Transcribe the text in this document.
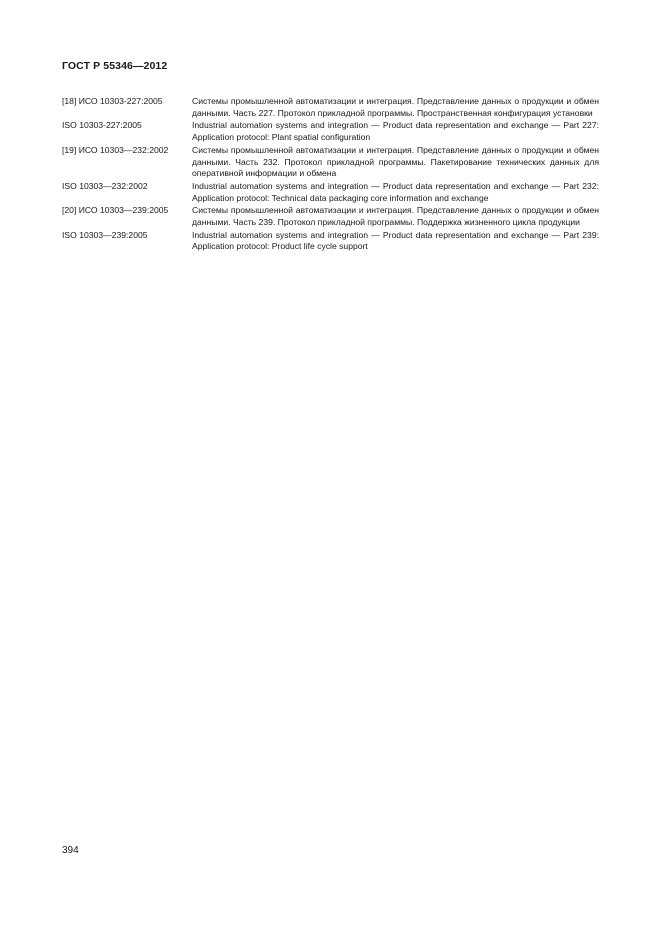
ГОСТ Р 55346—2012
[18] ИСО 10303-227:2005	Системы промышленной автоматизации и интеграция. Представление данных о продукции и обмен данными. Часть 227. Протокол прикладной программы. Пространственная конфигурация установки
ISO 10303-227:2005	Industrial automation systems and integration — Product data representation and exchange — Part 227: Application protocol: Plant spatial configuration
[19] ИСО 10303—232:2002	Системы промышленной автоматизации и интеграция. Представление данных о продукции и обмен данными. Часть 232. Протокол прикладной программы. Пакетирование технических данных для оперативной информации и обмена
ISO 10303—232:2002	Industrial automation systems and integration — Product data representation and exchange — Part 232: Application protocol: Technical data packaging core information and exchange
[20] ИСО 10303—239:2005	Системы промышленной автоматизации и интеграция. Представление данных о продукции и обмен данными. Часть 239. Протокол прикладной программы. Поддержка жизненного цикла продукции
ISO 10303—239:2005	Industrial automation systems and integration — Product data representation and exchange — Part 239: Application protocol: Product life cycle support
394
